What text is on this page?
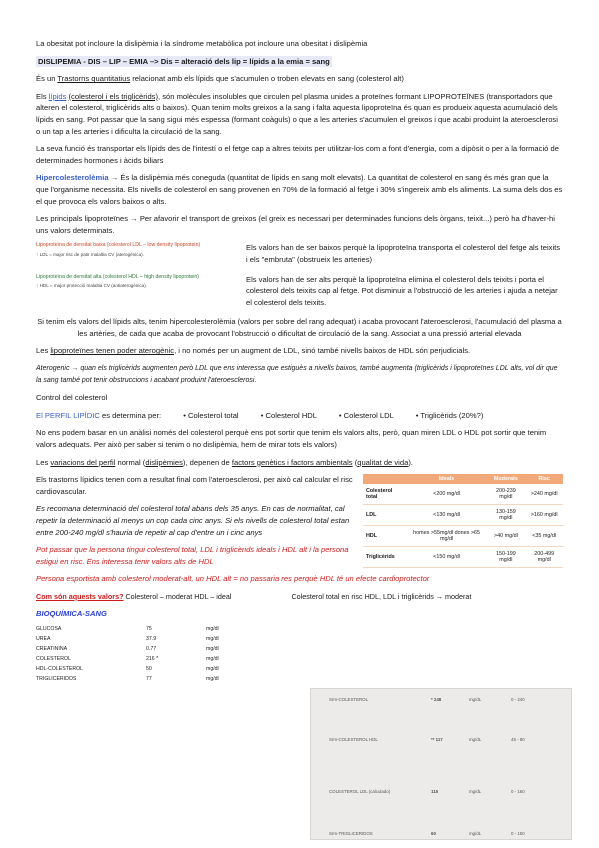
La obesitat pot incloure la dislipèmia i la síndrome metabòlica pot incloure una obesitat i dislipèmia

DISLIPEMIA - DIS – LIP – EMIA –> Dis = alteració dels lip = lípids a la emia = sang

És un Trastorns quantitatius relacionat amb els lípids que s'acumulen o troben elevats en sang (colesterol alt)

Els lípids (colesterol i els triglicèrids), són molècules insolubles que circulen pel plasma unides a proteïnes formant LIPOPROTEÏNES (transportadors que alteren el colesterol, triglicèrids alts o baixos). Quan tenim molts greixos a la sang i falta aquesta lipoproteïna és quan es produeix aquesta acumulació dels lípids en sang. Pot passar que la sang sigui més espessa (formant coàguls) o que a les arteries s'acumulen el greixos i que acabi produint la ateroesclerosi o un tap a les arteries i dificulta la circulació de la sang.

La seva funció és transportar els lípids des de l'intestí o el fetge cap a altres teixits per utilitzar-los com a font d'energia, com a dipòsit o per a la formació de determinades hormones i àcids biliars

Hipercolesterolèmia → És la dislipèmia més coneguda (quantitat de lípids en sang molt elevats). La quantitat de colesterol en sang és més gran que la que l'organisme necessita. Els nivells de colesterol en sang provenen en 70% de la formació al fetge i 30% s'ingereix amb els aliments. La suma dels dos es el que provoca els valors baixos o alts.

Les principals lipoproteïnes → Per afavorir el transport de greixos (el greix es necessari per determinades funcions dels òrgans, teixit...) però ha d'haver-hi uns valors determinats.

Lipoproteïna de densitat baixa (colesterol LDL – low density lipoprotein)
↑ LDL = major risc de patir malaltia CV (aterogènica).

Els valors han de ser baixos perquè la lipoproteïna transporta el colesterol del fetge als teixits i els "embruta" (obstrueix les arteries)

Lipoproteïna de densitat alta (colesterol HDL – high density lipoprotein)
↑ HDL = major protecció malaltia CV (antiaterogènica).

Els valors han de ser alts perquè la lipoproteïna elimina el colesterol dels teixits i porta el colesterol dels teixits cap al fetge. Pot disminuir a l'obstrucció de les arteries i ajuda a netejar el colesterol dels teixits.

Si tenim els valors del lípids alts, tenim hipercolesterolèmia (valors per sobre del rang adequat) i acaba provocant l'ateroesclerosi, l'acumulació del plasma a les artèries, de cada que acaba de provocant l'obstrucció o dificultat de circulació de la sang. Associat a una pressió arterial elevada

Les lipoproteïnes tenen poder aterogènic, i no només per un augment de LDL, sinó també nivells baixos de HDL són perjudicials.

Aterogenic → quan els triglicèrids augmenten però LDL que ens interessa que estiguès a nivells baixos, també augmenta (triglicèrids i lipoproteïnes LDL alts, vol dir que la sang també pot tenir obstruccions i acabant produint l'ateroesclerosi.

Control del colesterol

El PERFIL LIPÍDIC es determina per:	• Colesterol total	• Colesterol HDL	• Colesterol LDL	• Triglicèrids (20%?)

No ens podem basar en un anàlisi només del colesterol perquè ens pot sortir que tenim els valors alts, però, quan miren LDL o HDL pot sortir que tenim valors adequats. Per això per saber si tenim o no dislipèmia, hem de mirar tots els valors)

Les variacions del perfil normal (dislipèmies), depenen de factors genètics i factors ambientals (qualitat de vida).

Els trastorns lípidics tenen com a resultat final com l'ateroesclerosi, per això cal calcular el risc cardiovascular.

Es recomana determinació del colesterol total abans dels 35 anys. En cas de normalitat, cal repetir la determinació al menys un cop cada cinc anys. Si els nivells de colesterol total estan entre 200-240 mg/dl s'hauria de repetir al cap d'entre un i cinc anys

Pot passar que la persona tingui colesterol total, LDL i triglicèrids ideals i HDL alt i la persona estigui en risc. Ens interessa tenir valors alts de HDL

	Ideals	Moderats	Risc
Colesterol total	<200 mg/dl	200-239 mg/dl	>240 mg/dl
LDL	<130 mg/dl	130-159 mg/dl	>160 mg/dl
HDL	homes >55mg/dl dones >65 mg/dl	>40 mg/dl	<35 mg/dl
Triglicèrids	<150 mg/dl	150-199 mg/dl	200-499 mg/dl

Persona esportista amb colesterol moderat-alt, un HDL alt = no passaria res perquè HDL té un efecte cardioprotector

Com són aquests valors? Colesterol – moderat HDL – ideal	Colesterol total en risc HDL, LDL i triglicèrids → moderat

BIOQUÍMICA-SANG
GLUCOSA	75	mg/dl
UREA	37.9	mg/dl
CREATININA	0.77	mg/dl
COLESTEROL	216 *	mg/dl
HDL-COLESTEROL	50	mg/dl
TRIGLICERIDOS	77	mg/dl
Srm-COLESTEROL	* 248	mg/dL	0 - 240
Srm-COLESTEROL HDL	** 117	mg/dL	45 - 80
COLESTEROL LDL (calculado)	115	mg/dL	0 - 160
Srm-TRIGLICERIDOS	60	mg/dL	0 - 150
